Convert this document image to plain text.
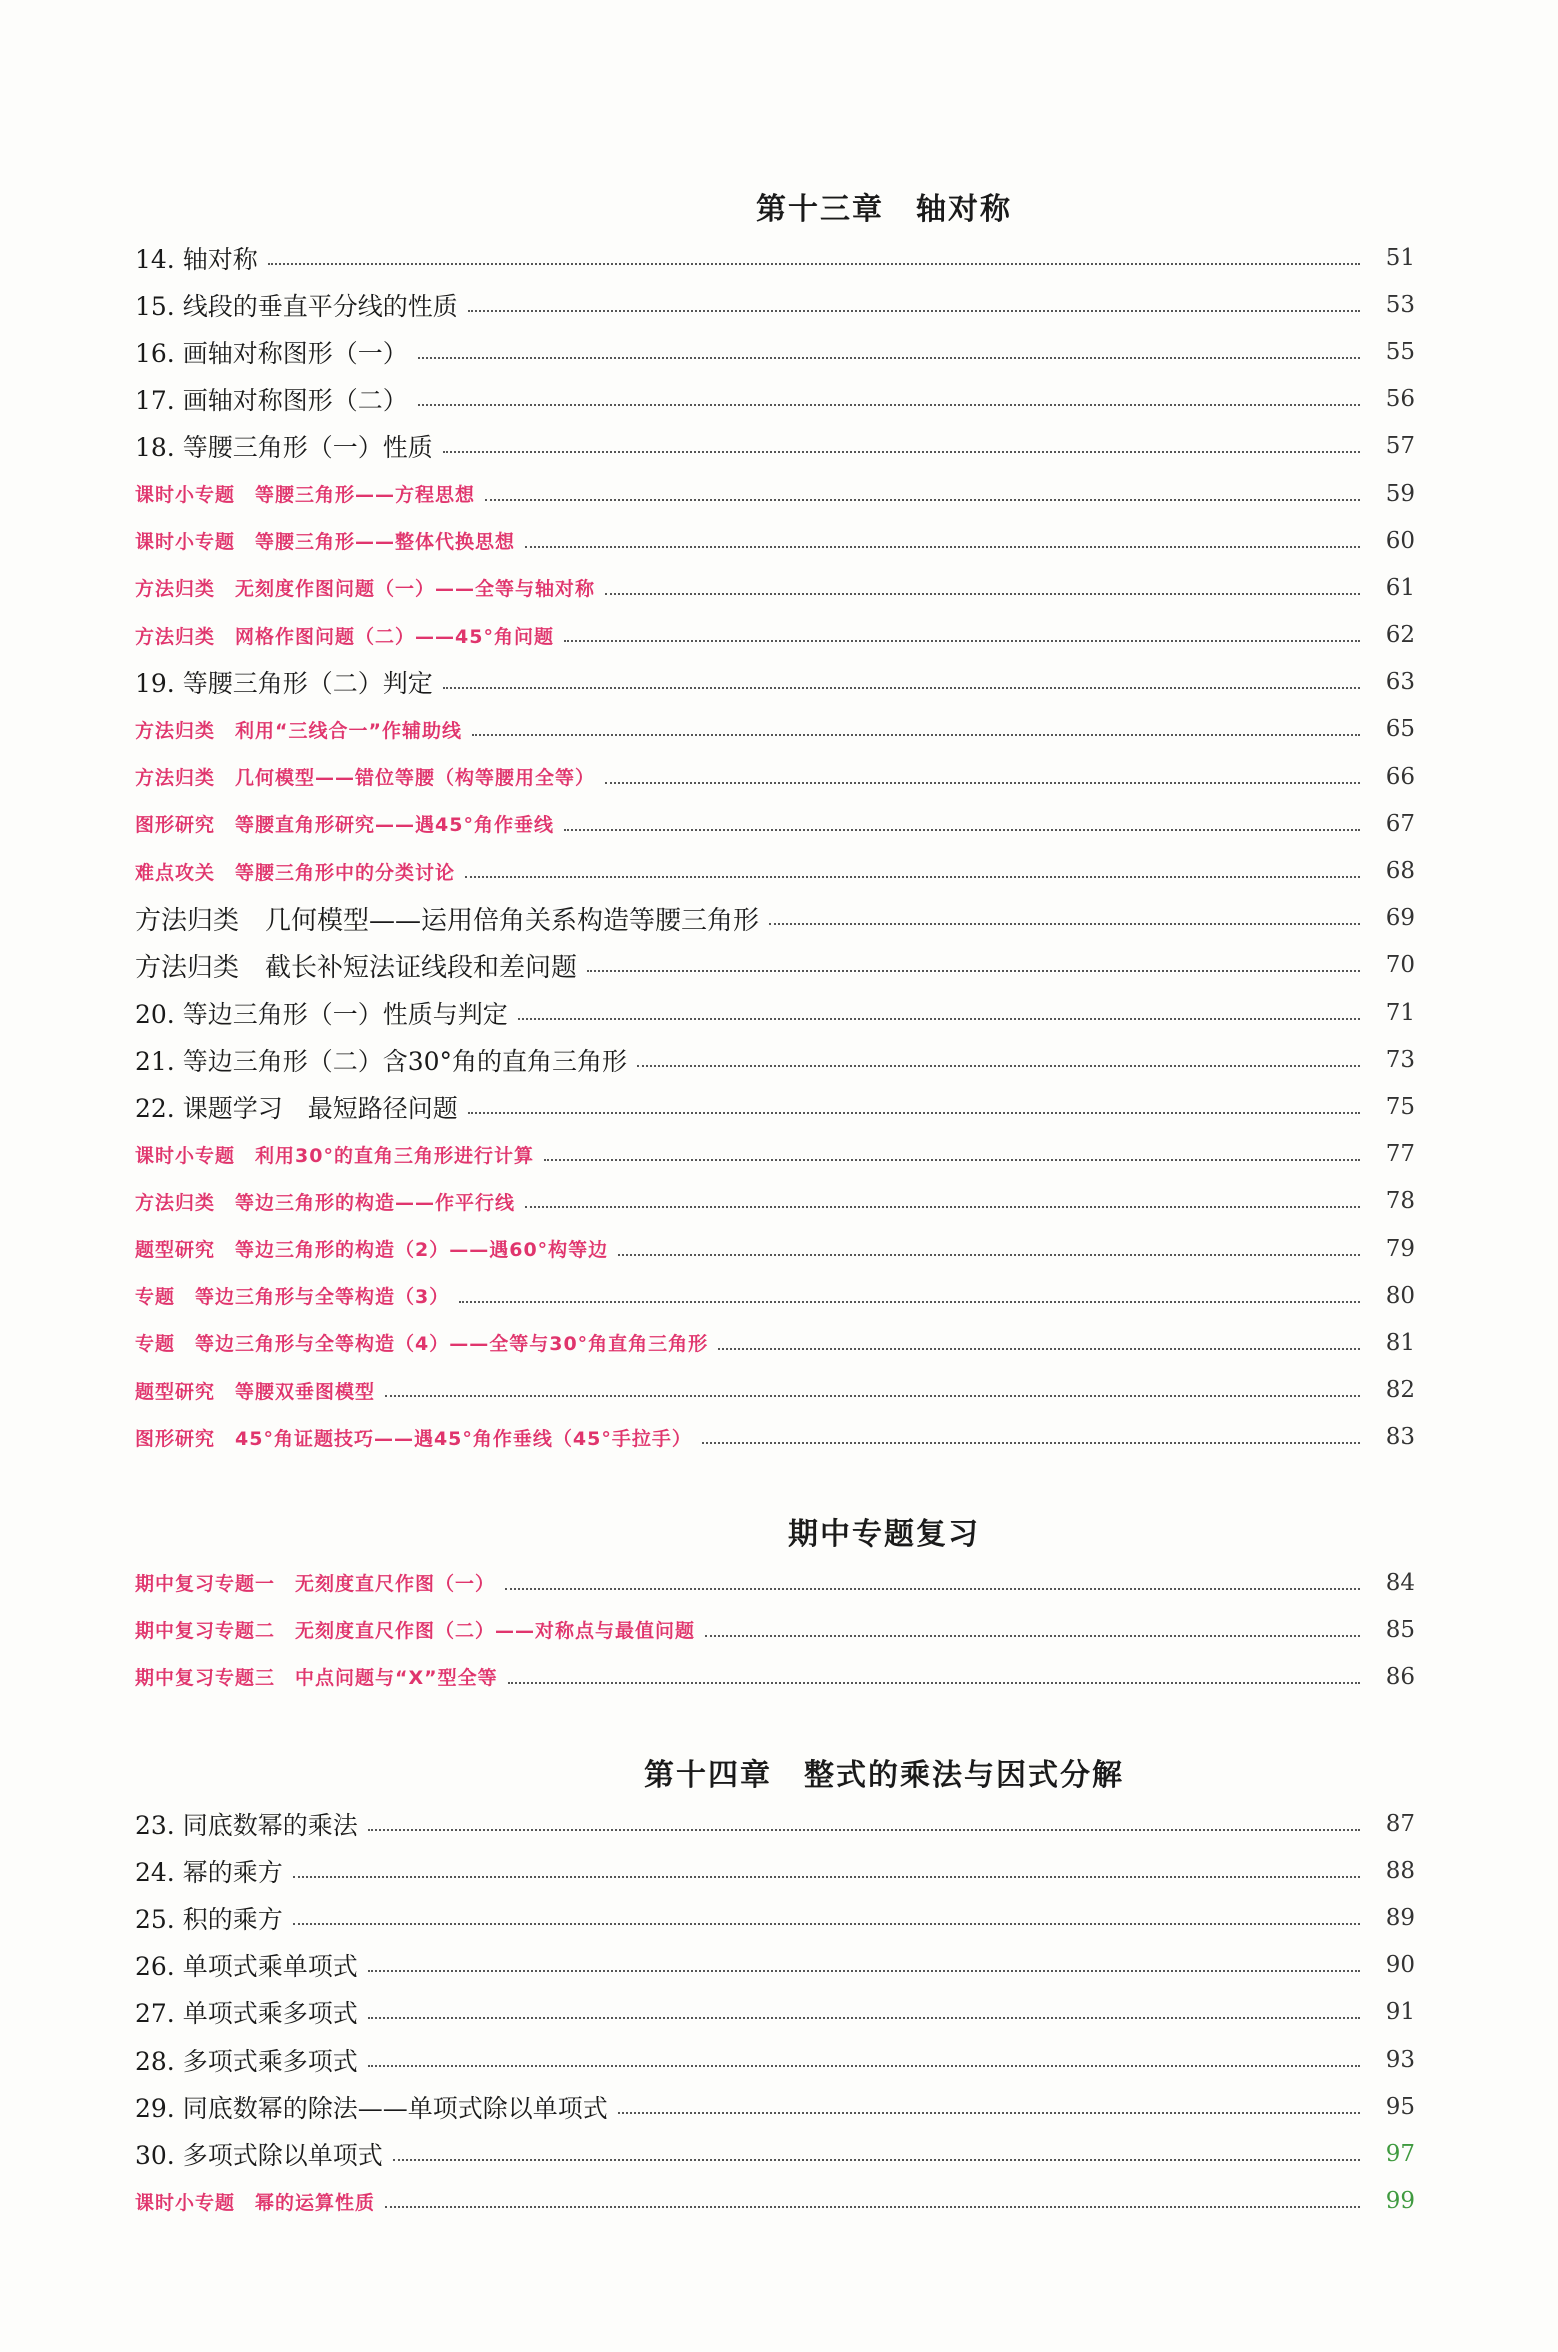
第十三章　轴对称
14. 轴对称	51
15. 线段的垂直平分线的性质	53
16. 画轴对称图形（一）	55
17. 画轴对称图形（二）	56
18. 等腰三角形（一）性质	57
课时小专题　等腰三角形——方程思想	59
课时小专题　等腰三角形——整体代换思想	60
方法归类　无刻度作图问题（一）——全等与轴对称	61
方法归类　网格作图问题（二）——45°角问题	62
19. 等腰三角形（二）判定	63
方法归类　利用“三线合一”作辅助线	65
方法归类　几何模型——错位等腰（构等腰用全等）	66
图形研究　等腰直角形研究——遇45°角作垂线	67
难点攻关　等腰三角形中的分类讨论	68
方法归类　几何模型——运用倍角关系构造等腰三角形	69
方法归类　截长补短法证线段和差问题	70
20. 等边三角形（一）性质与判定	71
21. 等边三角形（二）含30°角的直角三角形	73
22. 课题学习　最短路径问题	75
课时小专题　利用30°的直角三角形进行计算	77
方法归类　等边三角形的构造——作平行线	78
题型研究　等边三角形的构造（2）——遇60°构等边	79
专题　等边三角形与全等构造（3）	80
专题　等边三角形与全等构造（4）——全等与30°角直角三角形	81
题型研究　等腰双垂图模型	82
图形研究　45°角证题技巧——遇45°角作垂线（45°手拉手）	83
期中专题复习
期中复习专题一　无刻度直尺作图（一）	84
期中复习专题二　无刻度直尺作图（二）——对称点与最值问题	85
期中复习专题三　中点问题与“X”型全等	86
第十四章　整式的乘法与因式分解
23. 同底数幂的乘法	87
24. 幂的乘方	88
25. 积的乘方	89
26. 单项式乘单项式	90
27. 单项式乘多项式	91
28. 多项式乘多项式	93
29. 同底数幂的除法——单项式除以单项式	95
30. 多项式除以单项式	97
课时小专题　幂的运算性质	99
